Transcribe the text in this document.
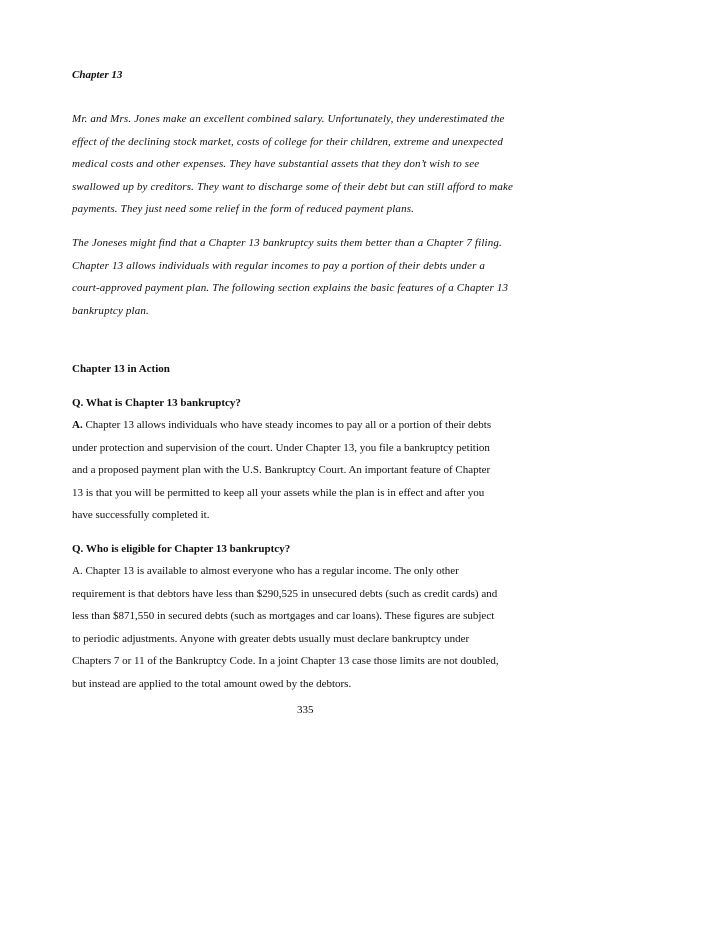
Chapter 13
Mr. and Mrs. Jones make an excellent combined salary. Unfortunately, they underestimated the
effect of the declining stock market, costs of college for their children, extreme and unexpected
medical costs and other expenses. They have substantial assets that they don’t wish to see
swallowed up by creditors. They want to discharge some of their debt but can still afford to make
payments. They just need some relief in the form of reduced payment plans.
The Joneses might find that a Chapter 13 bankruptcy suits them better than a Chapter 7 filing.
Chapter 13 allows individuals with regular incomes to pay a portion of their debts under a
court-approved payment plan. The following section explains the basic features of a Chapter 13
bankruptcy plan.
Chapter 13 in Action
Q. What is Chapter 13 bankruptcy?
A. Chapter 13 allows individuals who have steady incomes to pay all or a portion of their debts
under protection and supervision of the court. Under Chapter 13, you file a bankruptcy petition
and a proposed payment plan with the U.S. Bankruptcy Court. An important feature of Chapter
13 is that you will be permitted to keep all your assets while the plan is in effect and after you
have successfully completed it.
Q. Who is eligible for Chapter 13 bankruptcy?
A. Chapter 13 is available to almost everyone who has a regular income. The only other
requirement is that debtors have less than $290,525 in unsecured debts (such as credit cards) and
less than $871,550 in secured debts (such as mortgages and car loans). These figures are subject
to periodic adjustments. Anyone with greater debts usually must declare bankruptcy under
Chapters 7 or 11 of the Bankruptcy Code. In a joint Chapter 13 case those limits are not doubled,
but instead are applied to the total amount owed by the debtors.
335
